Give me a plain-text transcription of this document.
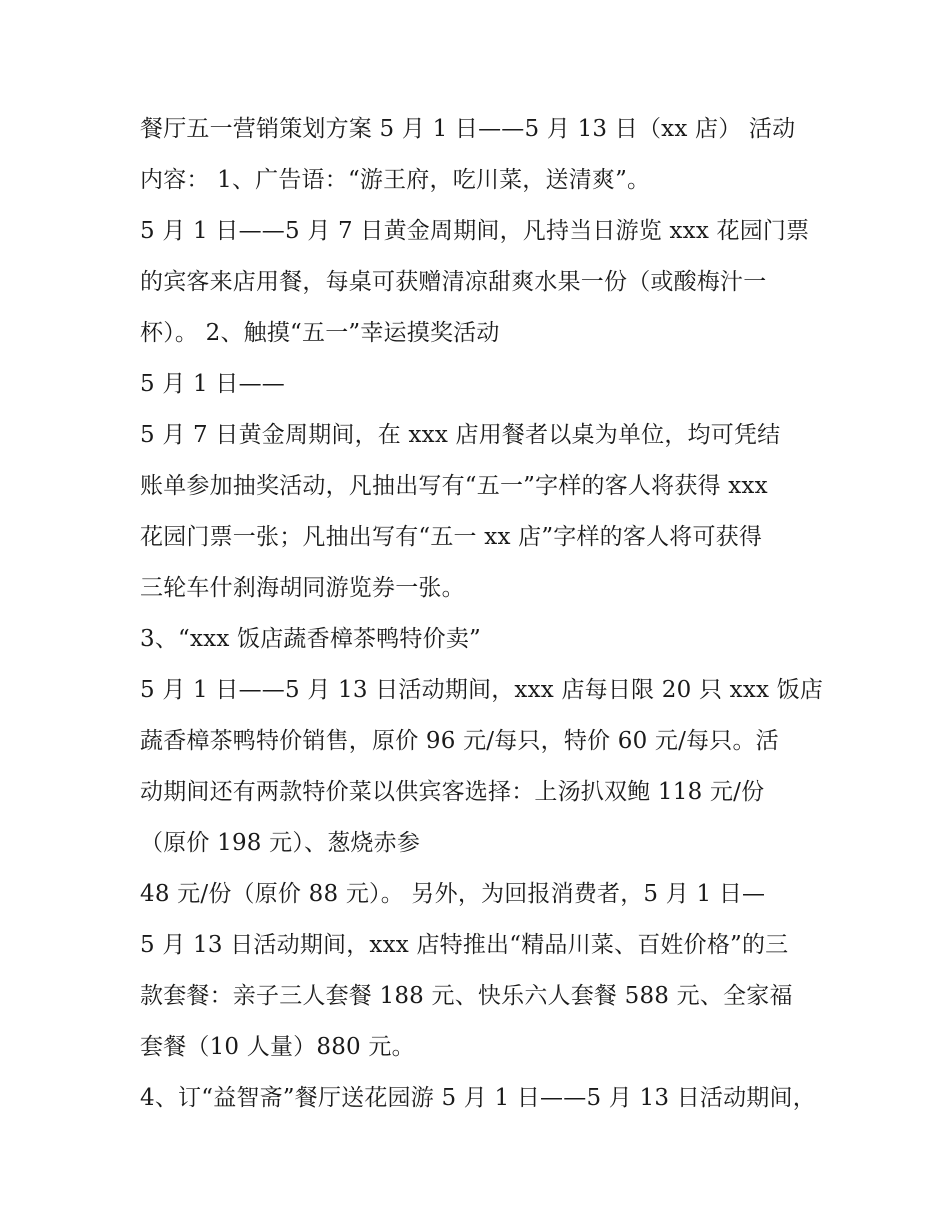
餐厅五一营销策划方案 5 月 1 日——5 月 13 日（xx 店） 活动
内容： 1、广告语：“游王府，吃川菜，送清爽”。
5 月 1 日——5 月 7 日黄金周期间，凡持当日游览 xxx 花园门票
的宾客来店用餐，每桌可获赠清凉甜爽水果一份（或酸梅汁一
杯）。 2、触摸“五一”幸运摸奖活动
5 月 1 日——
5 月 7 日黄金周期间，在 xxx 店用餐者以桌为单位，均可凭结
账单参加抽奖活动，凡抽出写有“五一”字样的客人将获得 xxx
花园门票一张；凡抽出写有“五一 xx 店”字样的客人将可获得
三轮车什刹海胡同游览券一张。
3、“xxx 饭店蔬香樟茶鸭特价卖”
5 月 1 日——5 月 13 日活动期间，xxx 店每日限 20 只 xxx 饭店
蔬香樟茶鸭特价销售，原价 96 元/每只，特价 60 元/每只。活
动期间还有两款特价菜以供宾客选择：上汤扒双鲍 118 元/份
（原价 198 元）、葱烧赤参
48 元/份（原价 88 元）。 另外，为回报消费者，5 月 1 日—
5 月 13 日活动期间，xxx 店特推出“精品川菜、百姓价格”的三
款套餐：亲子三人套餐 188 元、快乐六人套餐 588 元、全家福
套餐（10 人量）880 元。
4、订“益智斋”餐厅送花园游 5 月 1 日——5 月 13 日活动期间，
